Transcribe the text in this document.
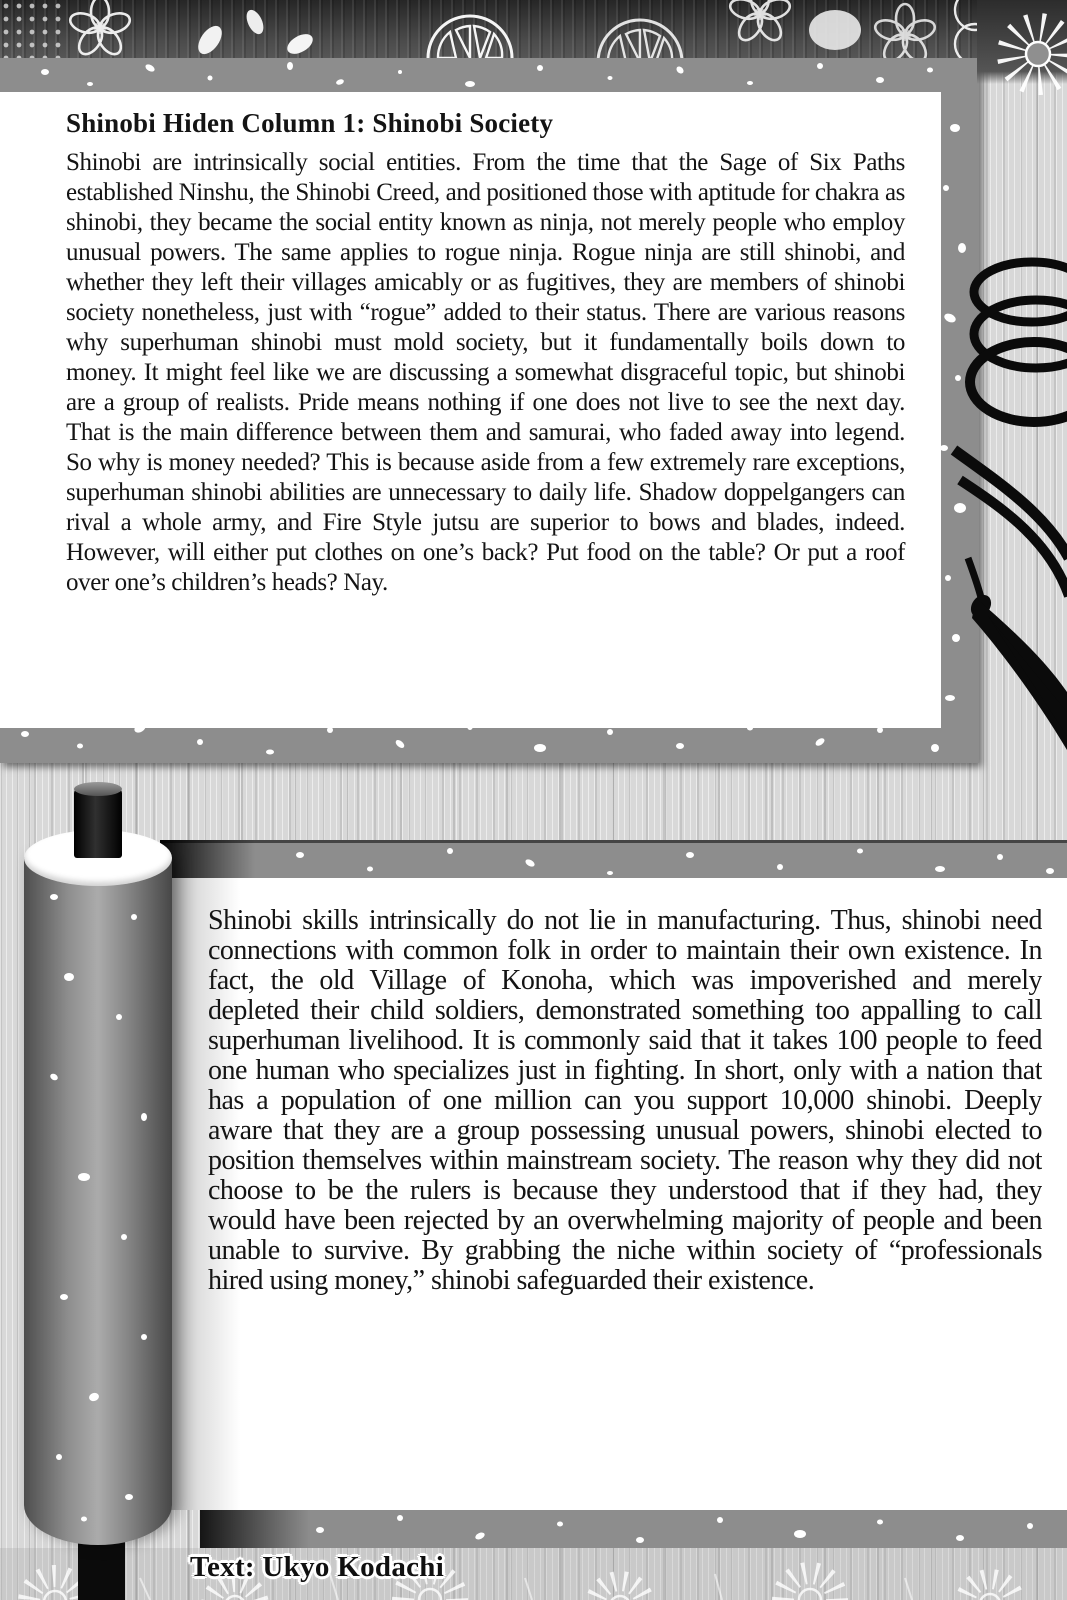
Shinobi Hiden Column 1: Shinobi Society
Shinobi are intrinsically social entities. From the time that the Sage of Six Paths established Ninshu, the Shinobi Creed, and positioned those with aptitude for chakra as shinobi, they became the social entity known as ninja, not merely people who employ unusual powers. The same applies to rogue ninja. Rogue ninja are still shinobi, and whether they left their villages amicably or as fugitives, they are members of shinobi society nonetheless, just with “rogue” added to their status. There are various reasons why superhuman shinobi must mold society, but it fundamentally boils down to money. It might feel like we are discussing a somewhat disgraceful topic, but shinobi are a group of realists. Pride means nothing if one does not live to see the next day. That is the main difference between them and samurai, who faded away into legend. So why is money needed? This is because aside from a few extremely rare exceptions, superhuman shinobi abilities are unnecessary to daily life. Shadow doppelgangers can rival a whole army, and Fire Style jutsu are superior to bows and blades, indeed. However, will either put clothes on one’s back? Put food on the table? Or put a roof over one’s children’s heads? Nay.
Shinobi skills intrinsically do not lie in manufacturing. Thus, shinobi need connections with common folk in order to maintain their own existence. In fact, the old Village of Konoha, which was impoverished and merely depleted their child soldiers, demonstrated something too appalling to call superhuman livelihood. It is commonly said that it takes 100 people to feed one human who specializes just in fighting. In short, only with a nation that has a population of one million can you support 10,000 shinobi. Deeply aware that they are a group possessing unusual powers, shinobi elected to position themselves within mainstream society. The reason why they did not choose to be the rulers is because they understood that if they had, they would have been rejected by an overwhelming majority of people and been unable to survive. By grabbing the niche within society of “professionals hired using money,” shinobi safeguarded their existence.
Text: Ukyo Kodachi
